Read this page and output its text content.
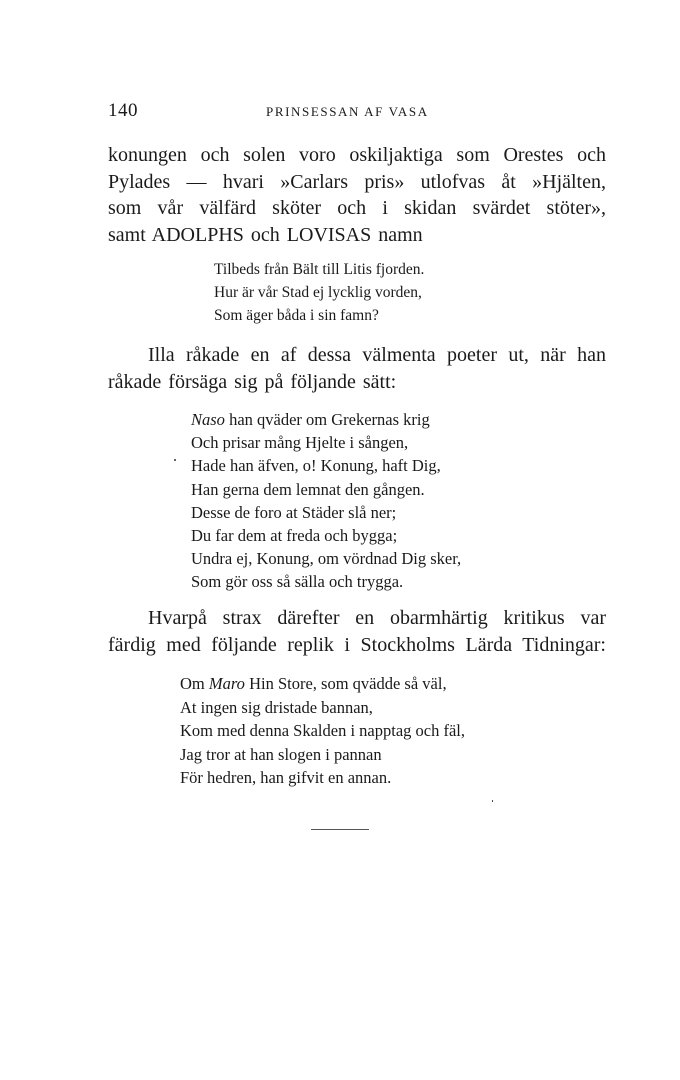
140	PRINSESSAN AF VASA
konungen och solen voro oskiljaktiga som Orestes och
Pylades — hvari »Carlars pris» utlofvas åt »Hjälten,
som vår välfärd sköter och i skidan svärdet stöter»,
samt ADOLPHS och LOVISAS namn
Tilbeds från Bält till Litis fjorden.
Hur är vår Stad ej lycklig vorden,
Som äger båda i sin famn?
Illa råkade en af dessa välmenta poeter ut, när han
råkade försäga sig på följande sätt:
Naso han qväder om Grekernas krig
Och prisar mång Hjelte i sången,
Hade han äfven, o! Konung, haft Dig,
Han gerna dem lemnat den gången.
Desse de foro at Städer slå ner;
Du far dem at freda och bygga;
Undra ej, Konung, om vördnad Dig sker,
Som gör oss så sälla och trygga.
Hvarpå strax därefter en obarmhärtig kritikus var
färdig med följande replik i Stockholms Lärda Tidningar:
Om Maro Hin Store, som qvädde så väl,
At ingen sig dristade bannan,
Kom med denna Skalden i napptag och fäl,
Jag tror at han slogen i pannan
För hedren, han gifvit en annan.
